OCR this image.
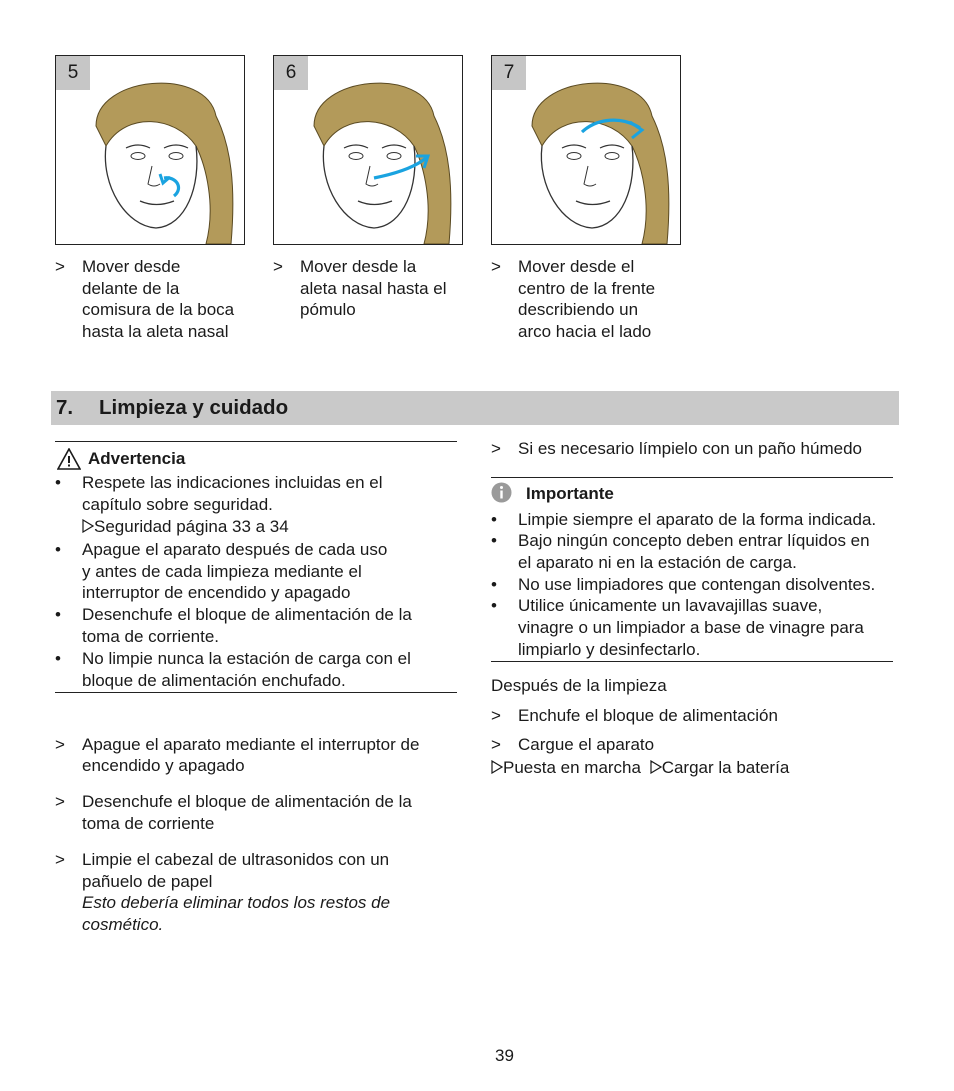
5	6	7
> Mover desde
delante de la
comisura de la boca
hasta la aleta nasal
> Mover desde la
aleta nasal hasta el
pómulo
> Mover desde el
centro de la frente
describiendo un
arco hacia el lado
7. Limpieza y cuidado
Advertencia
• Respete las indicaciones incluidas en el
capítulo sobre seguridad.
Seguridad página 33 a 34
• Apague el aparato después de cada uso
y antes de cada limpieza mediante el
interruptor de encendido y apagado
• Desenchufe el bloque de alimentación de la
toma de corriente.
• No limpie nunca la estación de carga con el
bloque de alimentación enchufado.
> Apague el aparato mediante el interruptor de
encendido y apagado
> Desenchufe el bloque de alimentación de la
toma de corriente
> Limpie el cabezal de ultrasonidos con un
pañuelo de papel
Esto debería eliminar todos los restos de
cosmético.
> Si es necesario límpielo con un paño húmedo
Importante
• Limpie siempre el aparato de la forma indicada.
• Bajo ningún concepto deben entrar líquidos en
el aparato ni en la estación de carga.
• No use limpiadores que contengan disolventes.
• Utilice únicamente un lavavajillas suave,
vinagre o un limpiador a base de vinagre para
limpiarlo y desinfectarlo.
Después de la limpieza
> Enchufe el bloque de alimentación
> Cargue el aparato
Puesta en marcha Cargar la batería
39
